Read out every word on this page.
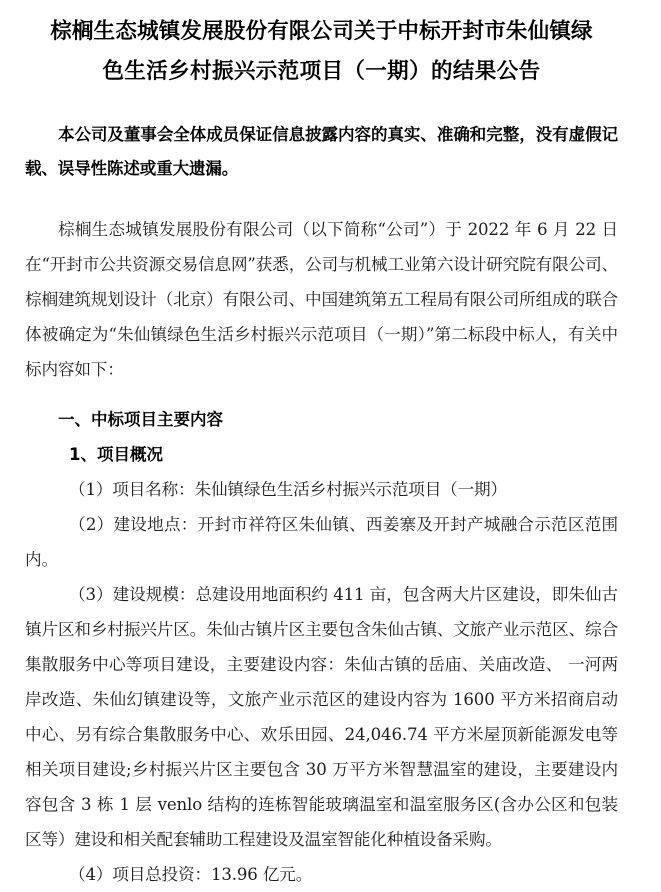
棕榈生态城镇发展股份有限公司关于中标开封市朱仙镇绿
色生活乡村振兴示范项目（一期）的结果公告

本公司及董事会全体成员保证信息披露内容的真实、准确和完整，没有虚假记载、误导性陈述或重大遗漏。

棕榈生态城镇发展股份有限公司（以下简称“公司”）于 2022 年 6 月 22 日在“开封市公共资源交易信息网”获悉，公司与机械工业第六设计研究院有限公司、棕榈建筑规划设计（北京）有限公司、中国建筑第五工程局有限公司所组成的联合体被确定为“朱仙镇绿色生活乡村振兴示范项目（一期）”第二标段中标人，有关中标内容如下：

一、中标项目主要内容
1、项目概况

（1）项目名称：朱仙镇绿色生活乡村振兴示范项目（一期）

（2）建设地点：开封市祥符区朱仙镇、西姜寨及开封产城融合示范区范围内。

（3）建设规模：总建设用地面积约 411 亩，包含两大片区建设，即朱仙古镇片区和乡村振兴片区。朱仙古镇片区主要包含朱仙古镇、文旅产业示范区、综合集散服务中心等项目建设，主要建设内容：朱仙古镇的岳庙、关庙改造、 一河两岸改造、朱仙幻镇建设等，文旅产业示范区的建设内容为 1600 平方米招商启动中心、另有综合集散服务中心、欢乐田园、24,046.74 平方米屋顶新能源发电等相关项目建设;乡村振兴片区主要包含 30 万平方米智慧温室的建设，主要建设内容包含 3 栋 1 层 venlo 结构的连栋智能玻璃温室和温室服务区(含办公区和包装区等）建设和相关配套辅助工程建设及温室智能化种植设备采购。

（4）项目总投资：13.96 亿元。
